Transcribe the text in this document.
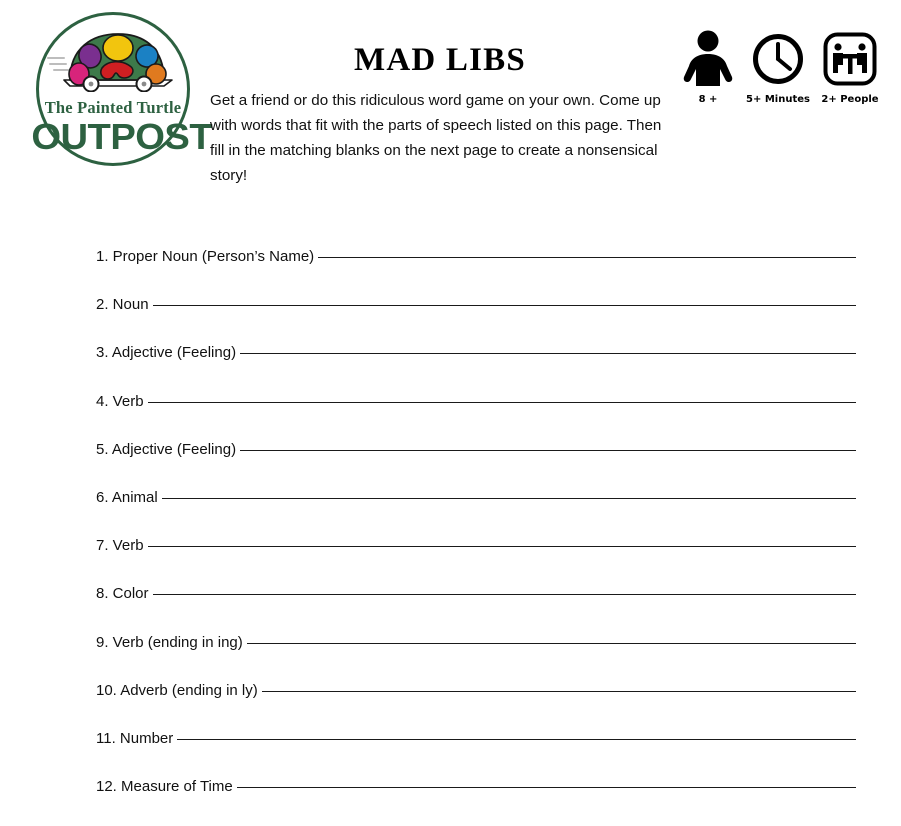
The Painted Turtle
OUTPOST
MAD LIBS
Get a friend or do this ridiculous word game on your own. Come up with words that fit with the parts of speech listed on this page. Then fill in the matching blanks on the next page to create a nonsensical story!
8 +	5+ Minutes	2+ People
1. Proper Noun (Person’s Name)
2. Noun
3. Adjective (Feeling)
4. Verb
5. Adjective (Feeling)
6. Animal
7. Verb
8. Color
9. Verb (ending in ing)
10. Adverb (ending in ly)
11. Number
12. Measure of Time
